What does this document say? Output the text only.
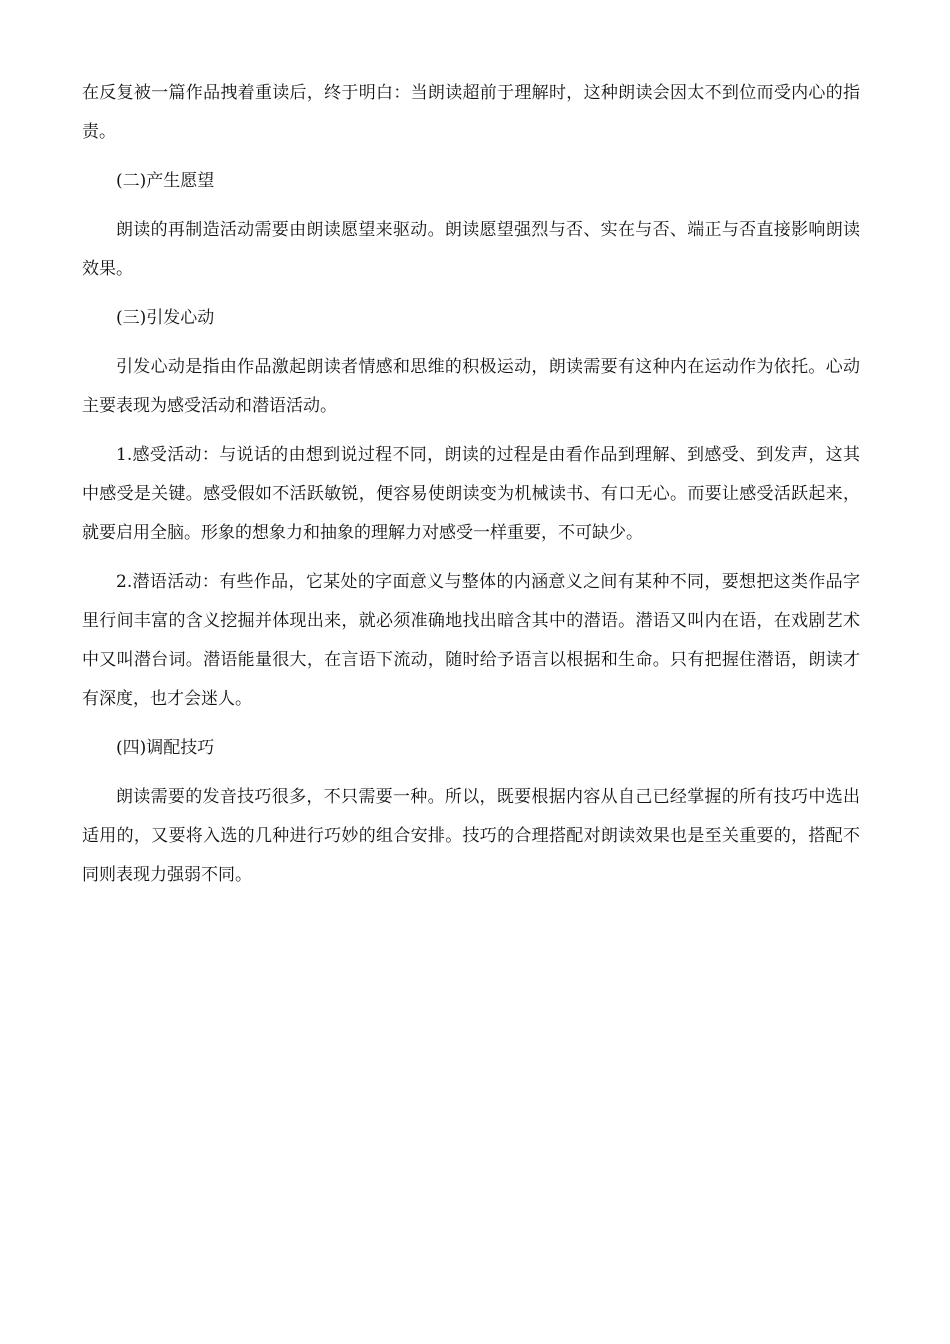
在反复被一篇作品拽着重读后，终于明白：当朗读超前于理解时，这种朗读会因太不到位而受内心的指责。

(二)产生愿望

朗读的再制造活动需要由朗读愿望来驱动。朗读愿望强烈与否、实在与否、端正与否直接影响朗读效果。

(三)引发心动

引发心动是指由作品激起朗读者情感和思维的积极运动，朗读需要有这种内在运动作为依托。心动主要表现为感受活动和潜语活动。

1.感受活动：与说话的由想到说过程不同，朗读的过程是由看作品到理解、到感受、到发声，这其中感受是关键。感受假如不活跃敏锐，便容易使朗读变为机械读书、有口无心。而要让感受活跃起来，就要启用全脑。形象的想象力和抽象的理解力对感受一样重要，不可缺少。

2.潜语活动：有些作品，它某处的字面意义与整体的内涵意义之间有某种不同，要想把这类作品字里行间丰富的含义挖掘并体现出来，就必须准确地找出暗含其中的潜语。潜语又叫内在语，在戏剧艺术中又叫潜台词。潜语能量很大，在言语下流动，随时给予语言以根据和生命。只有把握住潜语，朗读才有深度，也才会迷人。

(四)调配技巧

朗读需要的发音技巧很多，不只需要一种。所以，既要根据内容从自己已经掌握的所有技巧中选出适用的，又要将入选的几种进行巧妙的组合安排。技巧的合理搭配对朗读效果也是至关重要的，搭配不同则表现力强弱不同。
